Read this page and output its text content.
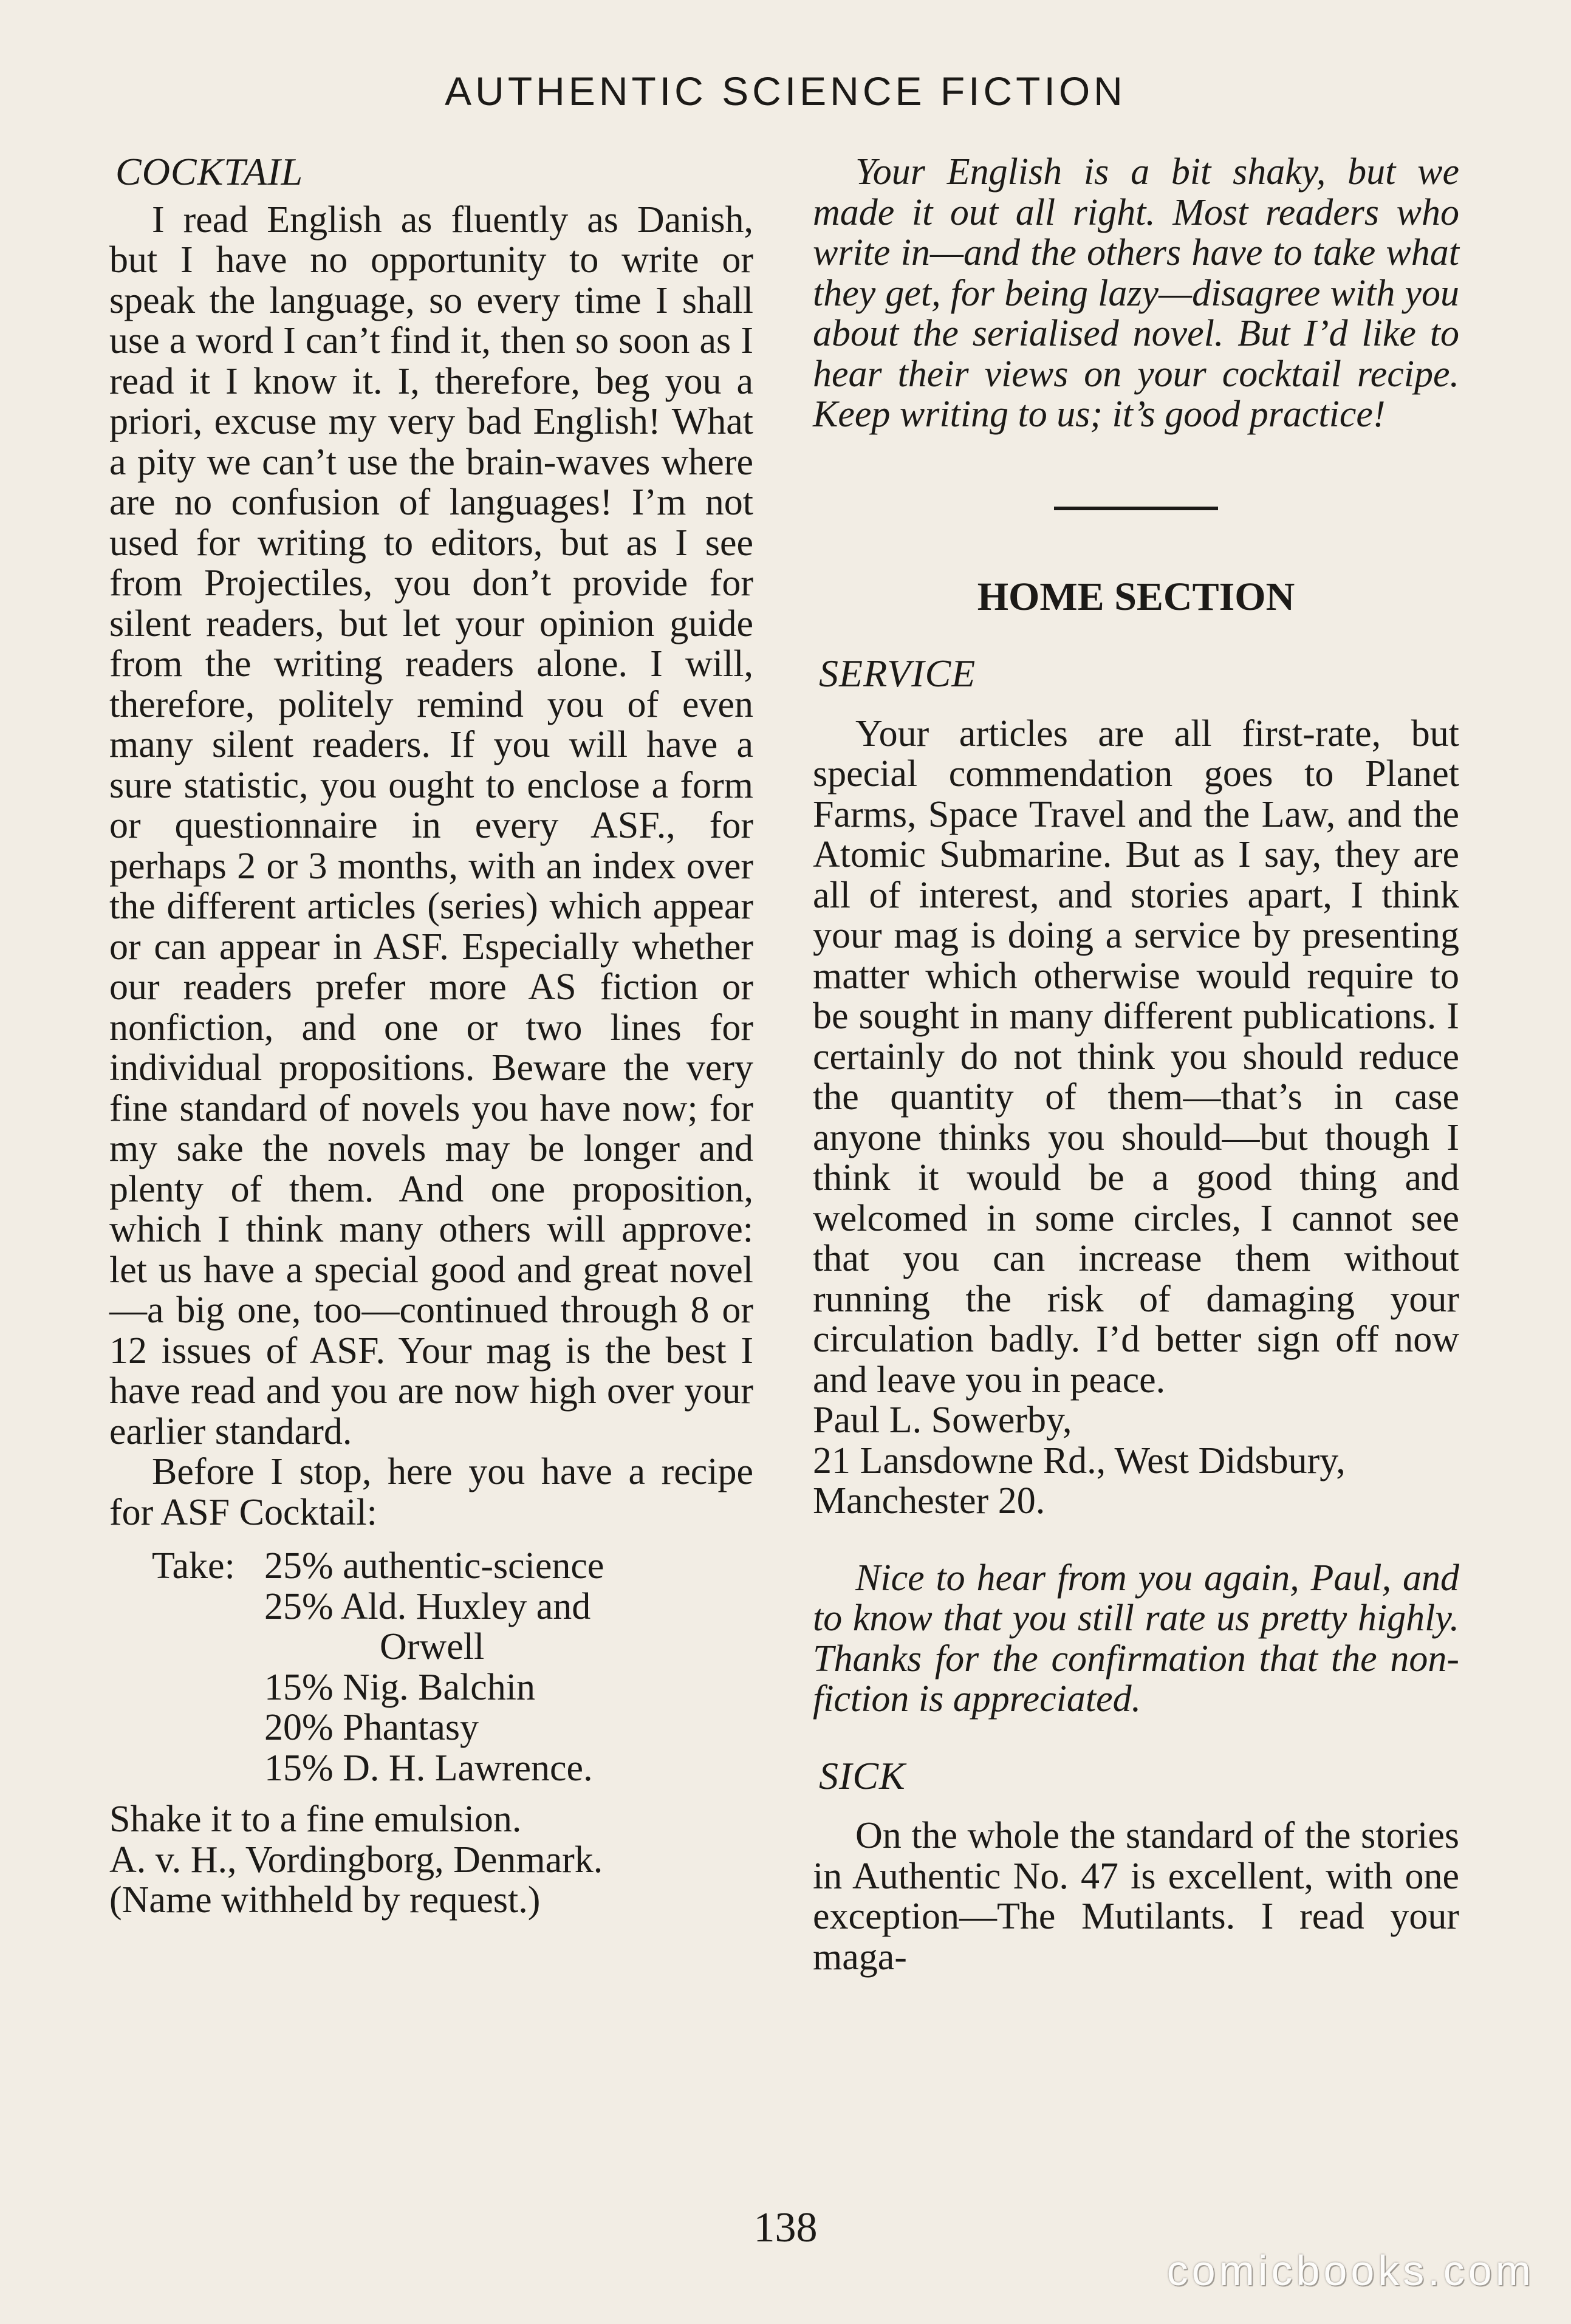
AUTHENTIC SCIENCE FICTION
COCKTAIL

I read English as fluently as Danish, but I have no opportunity to write or speak the language, so every time I shall use a word I can’t find it, then so soon as I read it I know it. I, therefore, beg you a priori, excuse my very bad English! What a pity we can’t use the brain-waves where are no confusion of languages! I’m not used for writing to editors, but as I see from Projectiles, you don’t provide for silent readers, but let your opinion guide from the writing readers alone. I will, therefore, politely remind you of even many silent readers. If you will have a sure statistic, you ought to enclose a form or questionnaire in every ASF., for perhaps 2 or 3 months, with an index over the different articles (series) which appear or can appear in ASF. Especially whether our readers prefer more AS fiction or nonfiction, and one or two lines for individual propositions. Beware the very fine standard of novels you have now; for my sake the novels may be longer and plenty of them. And one proposition, which I think many others will approve: let us have a special good and great novel—a big one, too—continued through 8 or 12 issues of ASF. Your mag is the best I have read and you are now high over your earlier standard.

Before I stop, here you have a recipe for ASF Cocktail:

Take: 25% authentic-science
25% Ald. Huxley and
Orwell
15% Nig. Balchin
20% Phantasy
15% D. H. Lawrence.

Shake it to a fine emulsion.

A. v. H., Vordingborg, Denmark.

(Name withheld by request.)

Your English is a bit shaky, but we made it out all right. Most readers who write in—and the others have to take what they get, for being lazy—disagree with you about the serialised novel. But I’d like to hear their views on your cocktail recipe. Keep writing to us; it’s good practice!

HOME SECTION
SERVICE

Your articles are all first-rate, but special commendation goes to Planet Farms, Space Travel and the Law, and the Atomic Submarine. But as I say, they are all of interest, and stories apart, I think your mag is doing a service by presenting matter which otherwise would require to be sought in many different publications. I certainly do not think you should reduce the quantity of them—that’s in case anyone thinks you should—but though I think it would be a good thing and welcomed in some circles, I cannot see that you can increase them without running the risk of damaging your circulation badly. I’d better sign off now and leave you in peace.

Paul L. Sowerby,

21 Lansdowne Rd., West Didsbury,

Manchester 20.

Nice to hear from you again, Paul, and to know that you still rate us pretty highly. Thanks for the confirmation that the non-fiction is appreciated.

SICK

On the whole the standard of the stories in Authentic No. 47 is excellent, with one exception—The Mutilants. I read your maga-

138
comicbooks.com
